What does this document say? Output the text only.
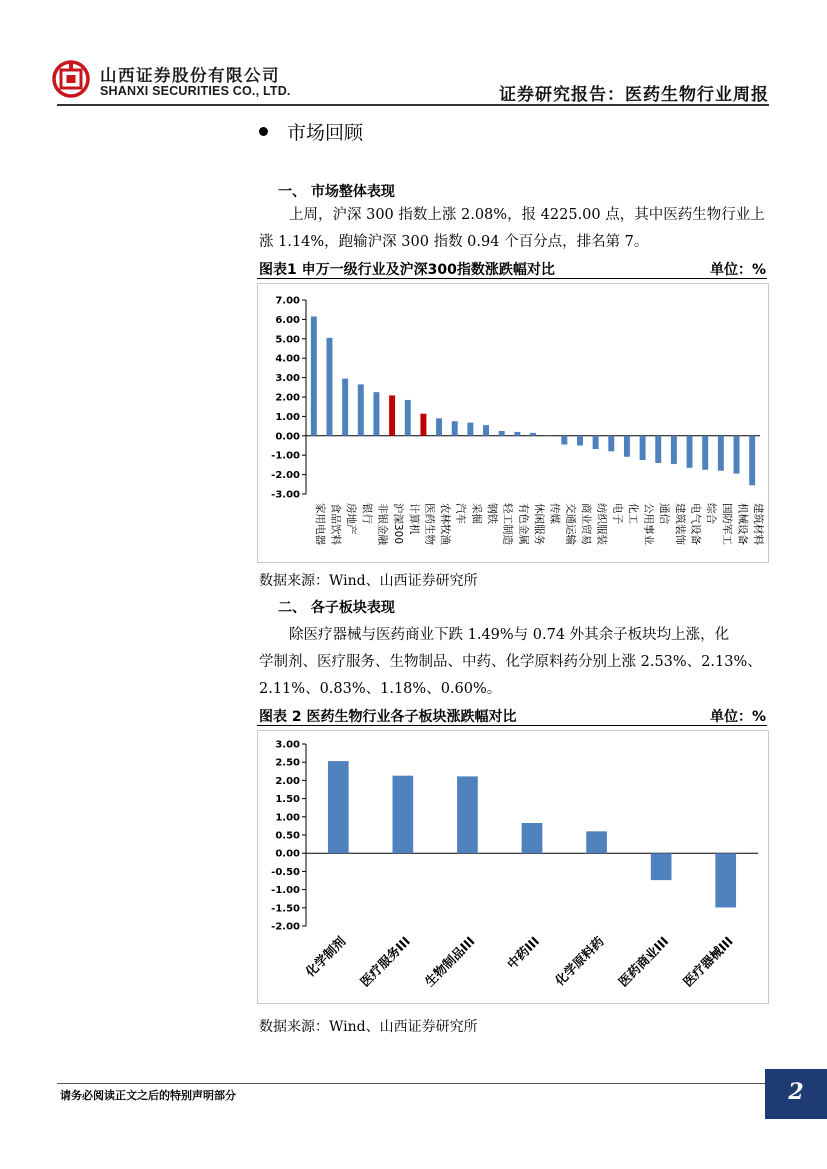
山西证券股份有限公司
SHANXI SECURITIES CO., LTD.	证券研究报告：医药生物行业周报
市场回顾
一、 市场整体表现
上周，沪深 300 指数上涨 2.08%，报 4225.00 点，其中医药生物行业上
涨 1.14%，跑输沪深 300 指数 0.94 个百分点，排名第 7。
图表1 申万一级行业及沪深300指数涨跌幅对比	单位：%
7.00
6.00
5.00
4.00
3.00
2.00
1.00
0.00
-1.00
-2.00
-3.00
家用电器 食品饮料 房地产 银行 非银金融 沪深300 计算机 医药生物 农林牧渔 汽车 采掘 钢铁 轻工制造 有色金属 休闲服务 传媒 交通运输 商业贸易 纺织服装 电子 化工 公用事业 通信 建筑装饰 电气设备 综合 国防军工 机械设备 建筑材料
数据来源：Wind、山西证券研究所
二、 各子板块表现
除医疗器械与医药商业下跌 1.49%与 0.74 外其余子板块均上涨，化
学制剂、医疗服务、生物制品、中药、化学原料药分别上涨 2.53%、2.13%、
2.11%、0.83%、1.18%、0.60%。
图表 2 医药生物行业各子板块涨跌幅对比	单位：%
3.00
2.50
2.00
1.50
1.00
0.50
0.00
-0.50
-1.00
-1.50
-2.00
化学制剂 医疗服务III 生物制品III 中药III 化学原料药 医药商业III 医疗器械III
数据来源：Wind、山西证券研究所
请务必阅读正文之后的特别声明部分	2
